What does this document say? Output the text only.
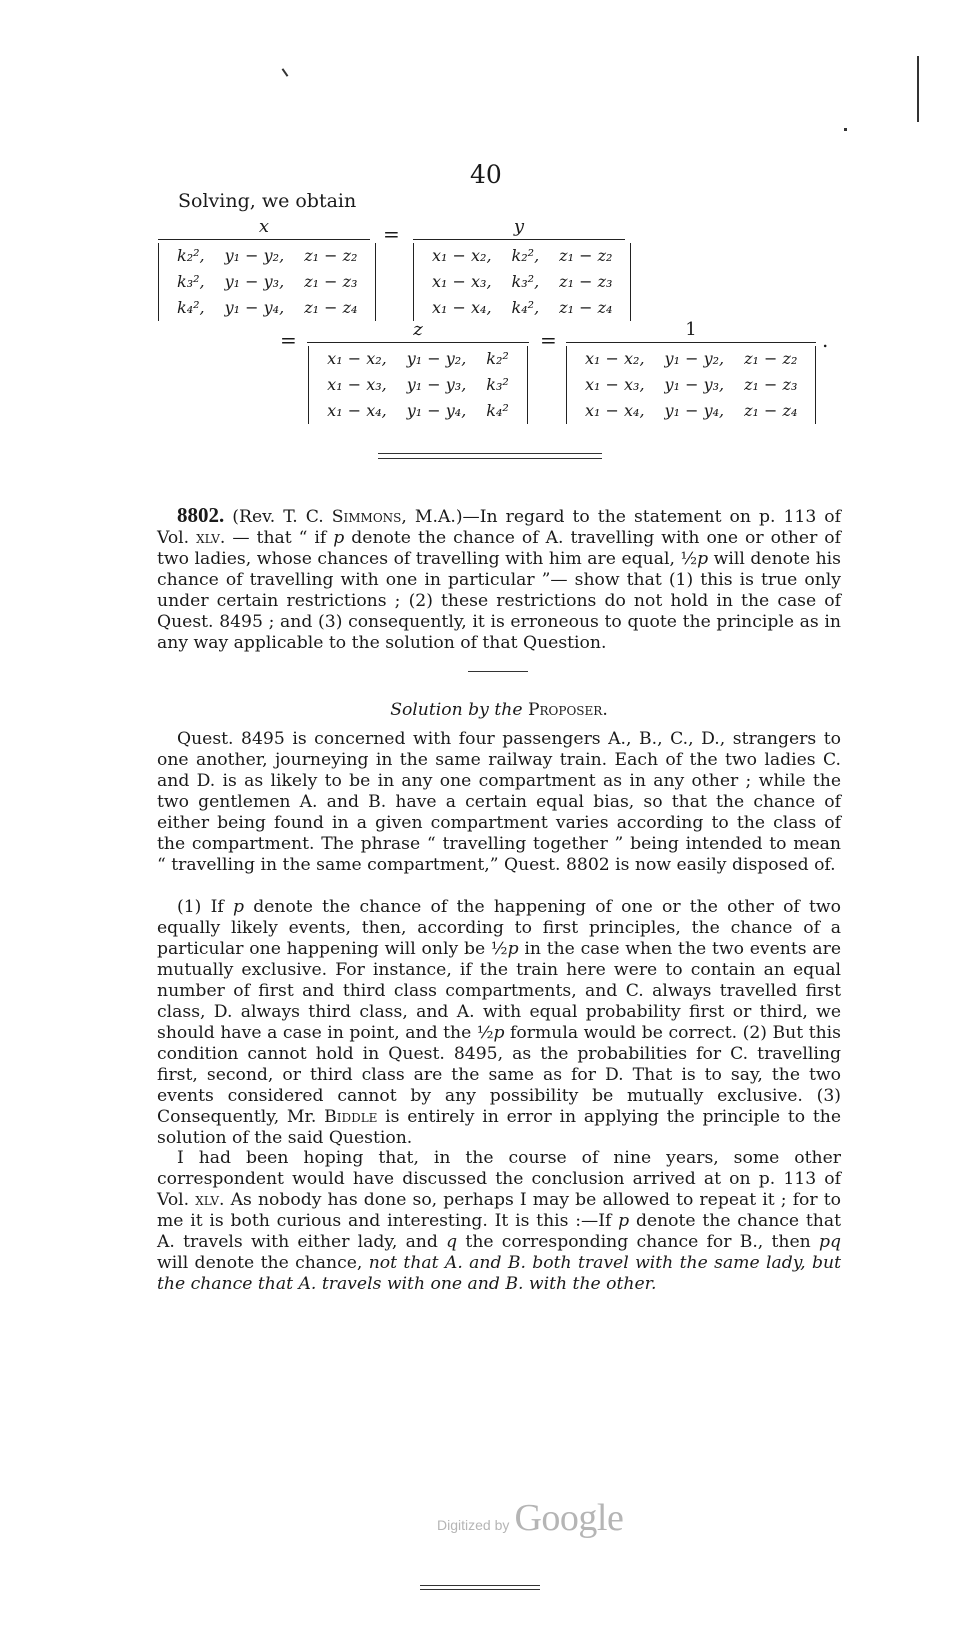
40
Solving, we obtain
x
k₂²,	y₁ − y₂,	z₁ − z₂
k₃²,	y₁ − y₃,	z₁ − z₃
k₄²,	y₁ − y₄,	z₁ − z₄
=	y
x₁ − x₂,	k₂²,	z₁ − z₂
x₁ − x₃,	k₃²,	z₁ − z₃
x₁ − x₄,	k₄²,	z₁ − z₄
=	z
x₁ − x₂,	y₁ − y₂,	k₂²
x₁ − x₃,	y₁ − y₃,	k₃²
x₁ − x₄,	y₁ − y₄,	k₄²
=	1
x₁ − x₂,	y₁ − y₂,	z₁ − z₂
x₁ − x₃,	y₁ − y₃,	z₁ − z₃
x₁ − x₄,	y₁ − y₄,	z₁ − z₄
.
8802. (Rev. T. C. Simmons, M.A.)—In regard to the statement on p. 113 of Vol. xlv. — that “ if p denote the chance of A. travelling with one or other of two ladies, whose chances of travelling with him are equal, ½p will denote his chance of travelling with one in particular ”— show that (1) this is true only under certain restrictions ; (2) these restrictions do not hold in the case of Quest. 8495 ; and (3) consequently, it is erroneous to quote the principle as in any way applicable to the solution of that Question.
Solution by the Proposer.
Quest. 8495 is concerned with four passengers A., B., C., D., strangers to one another, journeying in the same railway train. Each of the two ladies C. and D. is as likely to be in any one compartment as in any other ; while the two gentlemen A. and B. have a certain equal bias, so that the chance of either being found in a given compartment varies according to the class of the compartment. The phrase “ travelling together ” being intended to mean “ travelling in the same compartment,” Quest. 8802 is now easily disposed of.
(1) If p denote the chance of the happening of one or the other of two equally likely events, then, according to first principles, the chance of a particular one happening will only be ½p in the case when the two events are mutually exclusive. For instance, if the train here were to contain an equal number of first and third class compartments, and C. always travelled first class, D. always third class, and A. with equal probability first or third, we should have a case in point, and the ½p formula would be correct. (2) But this condition cannot hold in Quest. 8495, as the probabilities for C. travelling first, second, or third class are the same as for D. That is to say, the two events considered cannot by any possibility be mutually exclusive. (3) Consequently, Mr. Biddle is entirely in error in applying the principle to the solution of the said Question.
I had been hoping that, in the course of nine years, some other correspondent would have discussed the conclusion arrived at on p. 113 of Vol. xlv. As nobody has done so, perhaps I may be allowed to repeat it ; for to me it is both curious and interesting. It is this :—If p denote the chance that A. travels with either lady, and q the corresponding chance for B., then pq will denote the chance, not that A. and B. both travel with the same lady, but the chance that A. travels with one and B. with the other.
Digitized by Google
